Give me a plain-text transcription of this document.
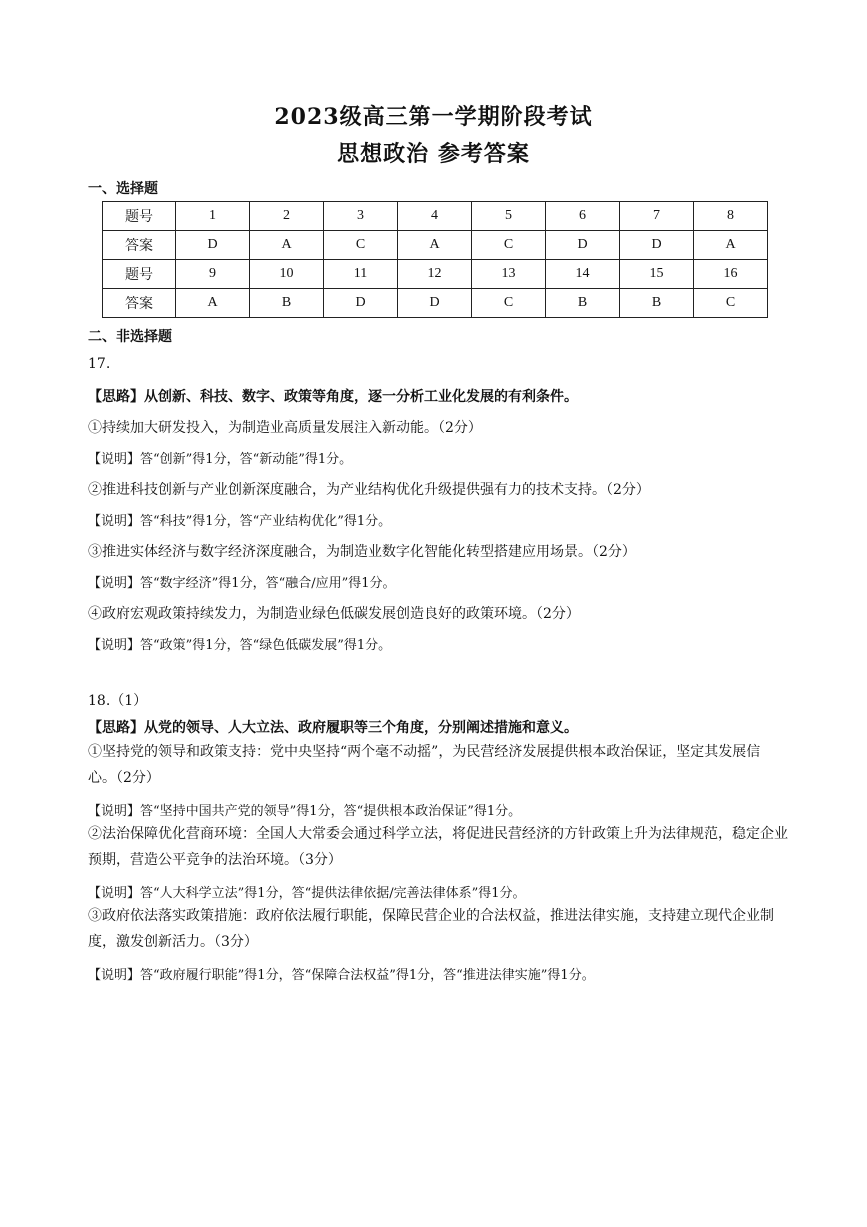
2023级高三第一学期阶段考试
思想政治 参考答案
一、选择题
题号	1	2	3	4	5	6	7	8
答案	D	A	C	A	C	D	D	A
题号	9	10	11	12	13	14	15	16
答案	A	B	D	D	C	B	B	C
二、非选择题
17.
【思路】从创新、科技、数字、政策等角度，逐一分析工业化发展的有利条件。
①持续加大研发投入，为制造业高质量发展注入新动能。（2分）
【说明】答“创新”得1分，答“新动能”得1分。
②推进科技创新与产业创新深度融合，为产业结构优化升级提供强有力的技术支持。（2分）
【说明】答“科技”得1分，答“产业结构优化”得1分。
③推进实体经济与数字经济深度融合，为制造业数字化智能化转型搭建应用场景。（2分）
【说明】答“数字经济”得1分，答“融合/应用”得1分。
④政府宏观政策持续发力，为制造业绿色低碳发展创造良好的政策环境。（2分）
【说明】答“政策”得1分，答“绿色低碳发展”得1分。
18.（1）
【思路】从党的领导、人大立法、政府履职等三个角度，分别阐述措施和意义。
①坚持党的领导和政策支持：党中央坚持“两个毫不动摇”，为民营经济发展提供根本政治保证，坚定其发展信心。（2分）
【说明】答“坚持中国共产党的领导”得1分，答“提供根本政治保证”得1分。
②法治保障优化营商环境：全国人大常委会通过科学立法，将促进民营经济的方针政策上升为法律规范，稳定企业预期，营造公平竞争的法治环境。（3分）
【说明】答“人大科学立法”得1分，答“提供法律依据/完善法律体系”得1分。
③政府依法落实政策措施：政府依法履行职能，保障民营企业的合法权益，推进法律实施，支持建立现代企业制度，激发创新活力。（3分）
【说明】答“政府履行职能”得1分，答“保障合法权益”得1分，答“推进法律实施”得1分。
